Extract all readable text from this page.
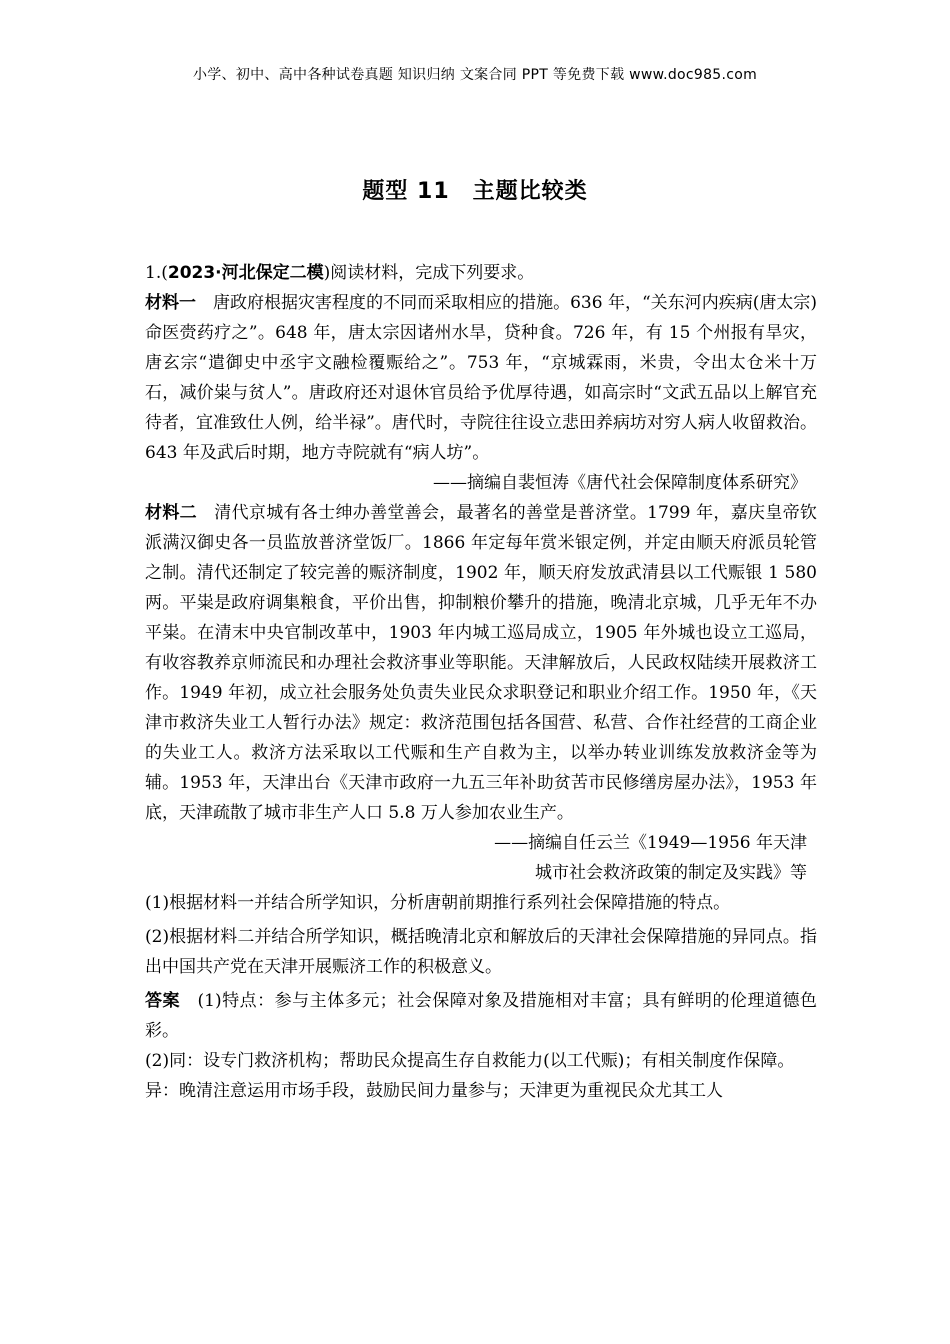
小学、初中、高中各种试卷真题 知识归纳 文案合同 PPT 等免费下载 www.doc985.com
题型 11　主题比较类

1.(2023·河北保定二模)阅读材料，完成下列要求。

材料一　唐政府根据灾害程度的不同而采取相应的措施。636 年，“关东河内疾病(唐太宗)命医赍药疗之”。648 年，唐太宗因诸州水旱，贷种食。726 年，有 15 个州报有旱灾，唐玄宗“遣御史中丞宇文融检覆赈给之”。753 年，“京城霖雨，米贵，令出太仓米十万石，减价粜与贫人”。唐政府还对退休官员给予优厚待遇，如高宗时“文武五品以上解官充待者，宜准致仕人例，给半禄”。唐代时，寺院往往设立悲田养病坊对穷人病人收留救治。643 年及武后时期，地方寺院就有“病人坊”。

——摘编自裴恒涛《唐代社会保障制度体系研究》

材料二　清代京城有各士绅办善堂善会，最著名的善堂是普济堂。1799 年，嘉庆皇帝钦派满汉御史各一员监放普济堂饭厂。1866 年定每年赏米银定例，并定由顺天府派员轮管之制。清代还制定了较完善的赈济制度，1902 年，顺天府发放武清县以工代赈银 1 580 两。平粜是政府调集粮食，平价出售，抑制粮价攀升的措施，晚清北京城，几乎无年不办平粜。在清末中央官制改革中，1903 年内城工巡局成立，1905 年外城也设立工巡局，有收容教养京师流民和办理社会救济事业等职能。天津解放后，人民政权陆续开展救济工作。1949 年初，成立社会服务处负责失业民众求职登记和职业介绍工作。1950 年，《天津市救济失业工人暂行办法》规定：救济范围包括各国营、私营、合作社经营的工商企业的失业工人。救济方法采取以工代赈和生产自救为主，以举办转业训练发放救济金等为辅。1953 年，天津出台《天津市政府一九五三年补助贫苦市民修缮房屋办法》，1953 年底，天津疏散了城市非生产人口 5.8 万人参加农业生产。

——摘编自任云兰《1949—1956 年天津

城市社会救济政策的制定及实践》等

(1)根据材料一并结合所学知识，分析唐朝前期推行系列社会保障措施的特点。

(2)根据材料二并结合所学知识，概括晚清北京和解放后的天津社会保障措施的异同点。指出中国共产党在天津开展赈济工作的积极意义。

答案　(1)特点：参与主体多元；社会保障对象及措施相对丰富；具有鲜明的伦理道德色彩。

(2)同：设专门救济机构；帮助民众提高生存自救能力(以工代赈)；有相关制度作保障。

异：晚清注意运用市场手段，鼓励民间力量参与；天津更为重视民众尤其工人
